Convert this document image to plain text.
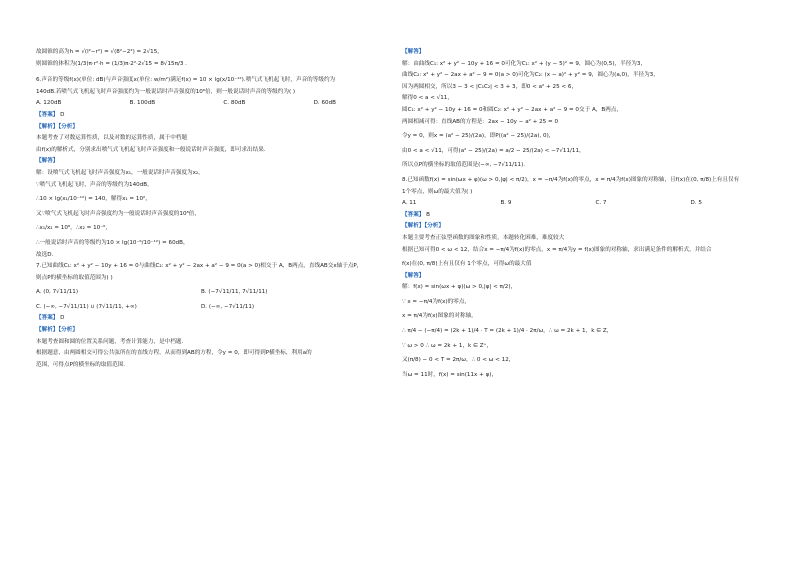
故圆锥的高为h = √(l²−r²) = √(8²−2²) = 2√15，

则圆锥的体积为(1/3)π·r²·h = (1/3)π·2²·2√15 = 8√15π/3 .

6.声音的等级f(x)(单位: dB)与声音强度x(单位: w/m²)满足f(x) = 10 × lg(x/10⁻¹²).喷气式飞机起飞时，声音的等级约为

140dB.若喷气式飞机起飞时声音强度约为一般说话时声音强度的10⁸倍，则一般说话时声音的等级约为( )

A. 120dB	B. 100dB	C. 80dB	D. 60dB

【答案】 D

【解析】【分析】

本题考查了对数运算性质，以及对数的运算性质，属于中档题

由f(x)的解析式，分别求出喷气式飞机起飞时声音强度和一般说话时声音强度，即可求出结果.

【解答】

解：设喷气式飞机起飞时声音强度为x₁，一般说话时声音强度为x₂，

∵喷气式飞机起飞时，声音的等级约为140dB，

∴10 × lg(x₁/10⁻¹²) = 140，解得x₁ = 10²，

又∵喷气式飞机起飞时声音强度约为一般说话时声音强度的10⁸倍，

∴x₁/x₂ = 10⁸，∴x₂ = 10⁻⁶，

∴一般说话时声音的等级约为10 × lg(10⁻⁶/10⁻¹²) = 60dB，

故选D.

7.已知曲线C₁: x² + y² − 10y + 16 = 0与曲线C₂: x² + y² − 2ax + a² − 9 = 0(a > 0)相交于 A，B两点，直线AB交x轴于点P，

则点P的横坐标的取值范围为( )

A. (0, 7√11/11)	B. (−7√11/11, 7√11/11)
C. (−∞, −7√11/11) ∪ (7√11/11, +∞)	D. (−∞, −7√11/11)

【答案】 D

【解析】【分析】

本题考查圆和圆的位置关系问题，考查计算能力，是中档题.

根据题意，由两圆相交可得公共弦所在的直线方程，从而得到AB的方程，令y = 0，即可得到P横坐标，利用a的

范围，可得点P的横坐标的取值范围.

【解答】

解：由曲线C₁: x² + y² − 10y + 16 = 0可化为C₁: x² + (y − 5)² = 9，圆心为(0,5)，半径为3，

曲线C₂: x² + y² − 2ax + a² − 9 = 0(a > 0)可化为C₂: (x − a)² + y² = 9，圆心为(a,0)，半径为3，

因为两圆相交，所以3 − 3 < |C₁C₂| < 3 + 3，即0 < a² + 25 < 6，

解得0 < a < √11，

圆C₁: x² + y² − 10y + 16 = 0和圆C₂: x² + y² − 2ax + a² − 9 = 0交于 A，B两点，

两圆相减可得：直线AB的方程是：2ax − 10y − a² + 25 = 0

令y = 0，则x = (a² − 25)/(2a)，即P((a² − 25)/(2a), 0)，

由0 < a < √11，可得(a² − 25)/(2a) = a/2 − 25/(2a) < −7√11/11，

所以点P的横坐标的取值范围是(−∞, −7√11/11).

8.已知函数f(x) = sin(ωx + φ)(ω > 0,|φ| < π/2)，x = −π/4为f(x)的零点，x = π/4为f(x)图象的对称轴，且f(x)在(0, π/8)上有且仅有

1个零点，则ω的最大值为( )

A. 11	B. 9	C. 7	D. 5

【答案】 B

【解析】【分析】

本题主要考查正弦型函数的图象和性质，本题转化困难，难度较大

根据已知可得0 < ω < 12，结合x = −π/4为f(x)的零点，x = π/4为y = f(x)图象的对称轴，求出满足条件的解析式，并结合

f(x)在(0, π/8)上有且仅有 1个零点，可得ω的最大值

【解答】

解：f(x) = sin(ωx + φ)(ω > 0,|φ| < π/2)，

∵ x = −π/4为f(x)的零点，

x = π/4为f(x)图象的对称轴，

∴ π/4 − (−π/4) = (2k + 1)/4 · T = (2k + 1)/4 · 2π/ω，∴ ω = 2k + 1，k ∈ Z，

∵ ω > 0 ∴ ω = 2k + 1，k ∈ Z⁺，

又(π/8) − 0 < T = 2π/ω，∴ 0 < ω < 12，

当ω = 11时，f(x) = sin(11x + φ)，
